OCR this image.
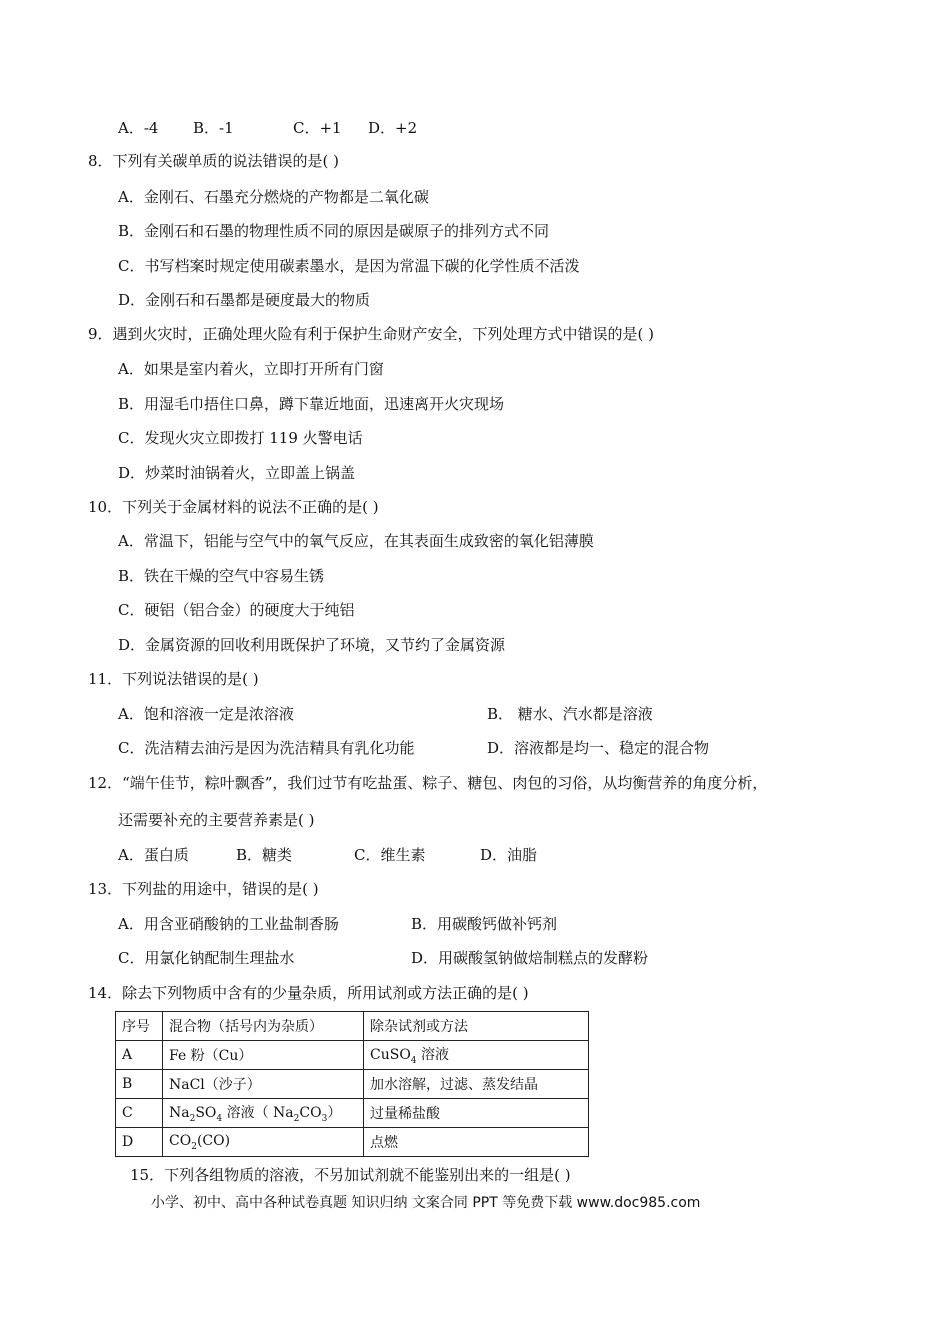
A．-4 B．-1	C．+1 D．+2
8．下列有关碳单质的说法错误的是( )
A．金刚石、石墨充分燃烧的产物都是二氧化碳
B．金刚石和石墨的物理性质不同的原因是碳原子的排列方式不同
C．书写档案时规定使用碳素墨水，是因为常温下碳的化学性质不活泼
D．金刚石和石墨都是硬度最大的物质
9．遇到火灾时，正确处理火险有利于保护生命财产安全，下列处理方式中错误的是( )
A．如果是室内着火，立即打开所有门窗
B．用湿毛巾捂住口鼻，蹲下靠近地面，迅速离开火灾现场
C．发现火灾立即拨打 119 火警电话
D．炒菜时油锅着火，立即盖上锅盖
10．下列关于金属材料的说法不正确的是( )
A．常温下，铝能与空气中的氧气反应，在其表面生成致密的氧化铝薄膜
B．铁在干燥的空气中容易生锈
C．硬铝（铝合金）的硬度大于纯铝
D．金属资源的回收利用既保护了环境，又节约了金属资源
11．下列说法错误的是( )
A．饱和溶液一定是浓溶液	B． 糖水、汽水都是溶液
C．洗洁精去油污是因为洗洁精具有乳化功能	D．溶液都是均一、稳定的混合物
12．“端午佳节，粽叶飘香”，我们过节有吃盐蛋、粽子、糖包、肉包的习俗，从均衡营养的角度分析，
还需要补充的主要营养素是( )
A．蛋白质	B．糖类	C．维生素	D．油脂
13．下列盐的用途中，错误的是( )
A．用含亚硝酸钠的工业盐制香肠	B．用碳酸钙做补钙剂
C．用氯化钠配制生理盐水	D．用碳酸氢钠做焙制糕点的发酵粉
14．除去下列物质中含有的少量杂质，所用试剂或方法正确的是( )
序号	混合物（括号内为杂质）	除杂试剂或方法
A	Fe 粉（Cu）	CuSO$_4$ 溶液
B	NaCl（沙子）	加水溶解，过滤、蒸发结晶
C	$Na_2SO_4$ 溶液（ $Na_2CO_3$）	过量稀盐酸
D	$CO_2(CO)$	点燃
15．下列各组物质的溶液，不另加试剂就不能鉴别出来的一组是( )
小学、初中、高中各种试卷真题 知识归纳 文案合同 PPT 等免费下载 www.doc985.com
